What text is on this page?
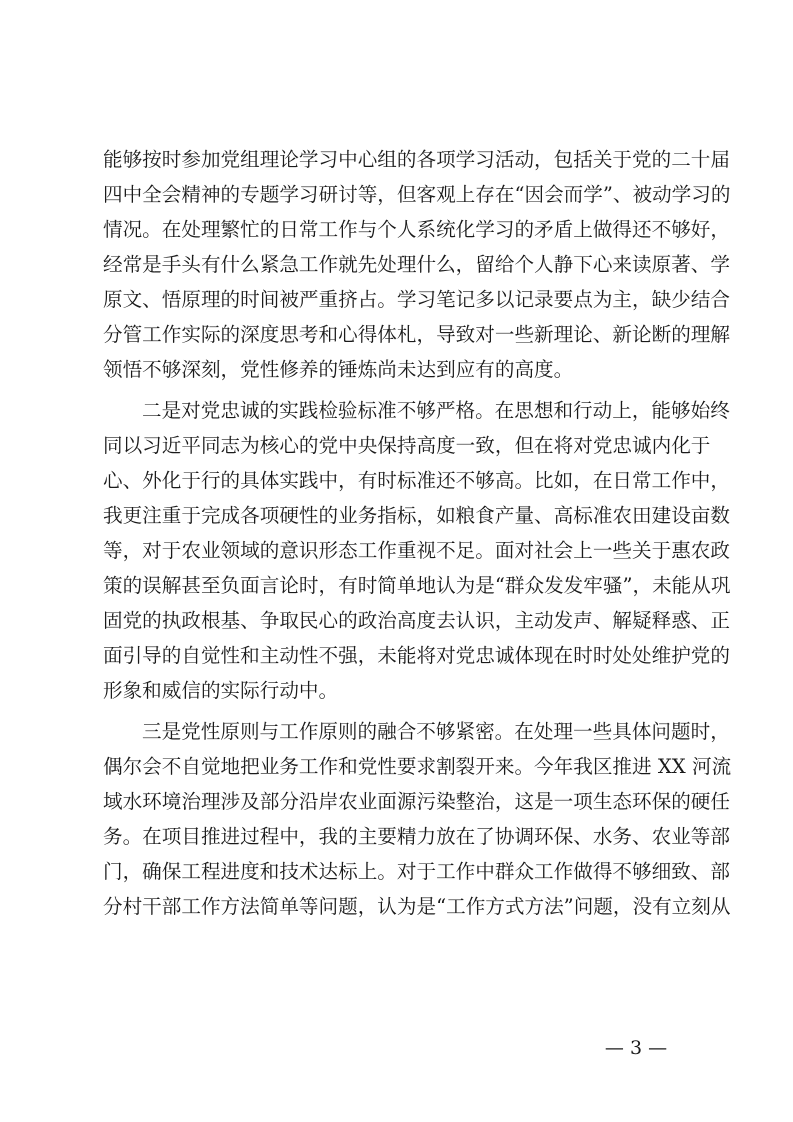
能够按时参加党组理论学习中心组的各项学习活动，包括关于党的二十届
四中全会精神的专题学习研讨等，但客观上存在“因会而学”、被动学习的
情况。在处理繁忙的日常工作与个人系统化学习的矛盾上做得还不够好，
经常是手头有什么紧急工作就先处理什么，留给个人静下心来读原著、学
原文、悟原理的时间被严重挤占。学习笔记多以记录要点为主，缺少结合
分管工作实际的深度思考和心得体札，导致对一些新理论、新论断的理解
领悟不够深刻，党性修养的锤炼尚未达到应有的高度。
二是对党忠诚的实践检验标准不够严格。在思想和行动上，能够始终
同以习近平同志为核心的党中央保持高度一致，但在将对党忠诚内化于
心、外化于行的具体实践中，有时标准还不够高。比如，在日常工作中，
我更注重于完成各项硬性的业务指标，如粮食产量、高标准农田建设亩数
等，对于农业领域的意识形态工作重视不足。面对社会上一些关于惠农政
策的误解甚至负面言论时，有时简单地认为是“群众发发牢骚”，未能从巩
固党的执政根基、争取民心的政治高度去认识，主动发声、解疑释惑、正
面引导的自觉性和主动性不强，未能将对党忠诚体现在时时处处维护党的
形象和威信的实际行动中。
三是党性原则与工作原则的融合不够紧密。在处理一些具体问题时，
偶尔会不自觉地把业务工作和党性要求割裂开来。今年我区推进 XX 河流
域水环境治理涉及部分沿岸农业面源污染整治，这是一项生态环保的硬任
务。在项目推进过程中，我的主要精力放在了协调环保、水务、农业等部
门，确保工程进度和技术达标上。对于工作中群众工作做得不够细致、部
分村干部工作方法简单等问题，认为是“工作方式方法”问题，没有立刻从
— 3 —
